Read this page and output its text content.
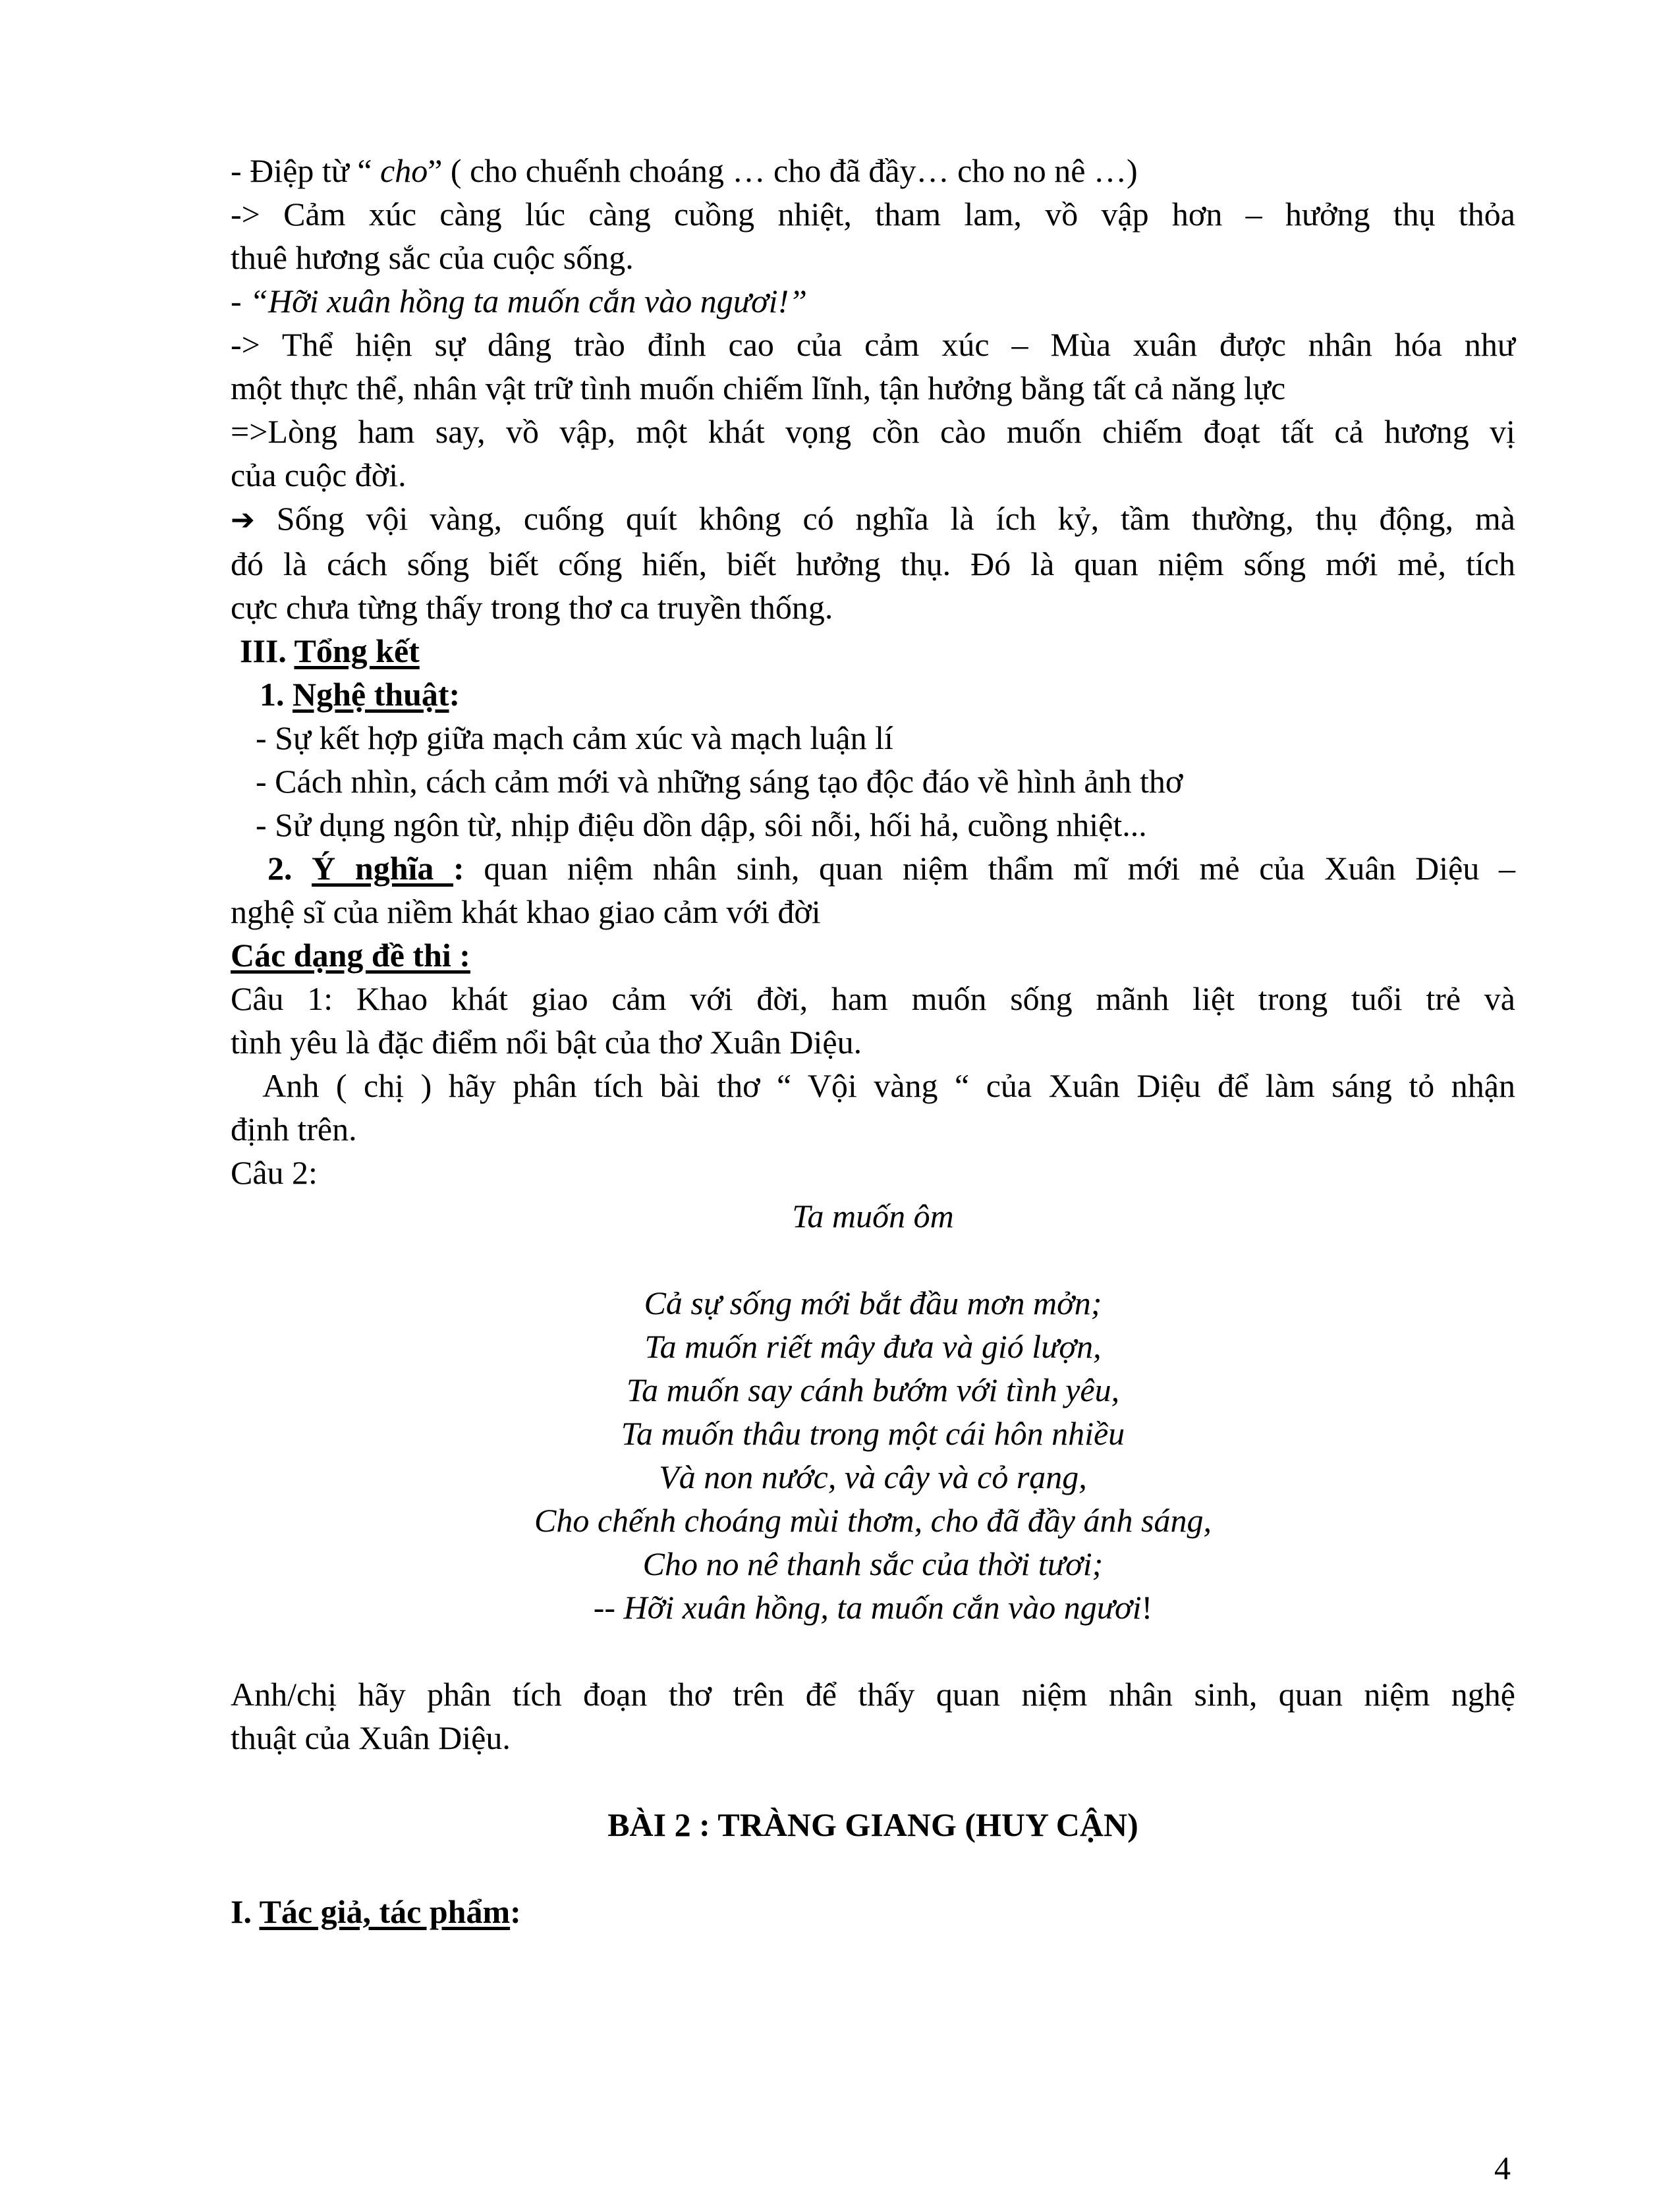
- Điệp từ “ cho” ( cho chuếnh choáng … cho đã đầy… cho no nê …)
-> Cảm xúc càng lúc càng cuồng nhiệt, tham lam, vồ vập hơn – hưởng thụ thỏa
thuê hương sắc của cuộc sống.
- “Hỡi xuân hồng ta muốn cắn vào ngươi!”
-> Thể hiện sự dâng trào đỉnh cao của cảm xúc – Mùa xuân được nhân hóa như
một thực thể, nhân vật trữ tình muốn chiếm lĩnh, tận hưởng bằng tất cả năng lực
=>Lòng ham say, vồ vập, một khát vọng cồn cào muốn chiếm đoạt tất cả hương vị
của cuộc đời.
➔ Sống vội vàng, cuống quít không có nghĩa là ích kỷ, tầm thường, thụ động, mà
đó là cách sống biết cống hiến, biết hưởng thụ. Đó là quan niệm sống mới mẻ, tích
cực chưa từng thấy trong thơ ca truyền thống.
III. Tổng kết
1. Nghệ thuật:
- Sự kết hợp giữa mạch cảm xúc và mạch luận lí
- Cách nhìn, cách cảm mới và những sáng tạo độc đáo về hình ảnh thơ
- Sử dụng ngôn từ, nhịp điệu dồn dập, sôi nỗi, hối hả, cuồng nhiệt...
2. Ý nghĩa : quan niệm nhân sinh, quan niệm thẩm mĩ mới mẻ của Xuân Diệu –
nghệ sĩ của niềm khát khao giao cảm với đời
Các dạng đề thi :
Câu 1: Khao khát giao cảm với đời, ham muốn sống mãnh liệt trong tuổi trẻ và
tình yêu là đặc điểm nổi bật của thơ Xuân Diệu.
Anh ( chị ) hãy phân tích bài thơ “ Vội vàng “ của Xuân Diệu để làm sáng tỏ nhận
định trên.
Câu 2:
Ta muốn ôm
Cả sự sống mới bắt đầu mơn mởn;
Ta muốn riết mây đưa và gió lượn,
Ta muốn say cánh bướm với tình yêu,
Ta muốn thâu trong một cái hôn nhiều
Và non nước, và cây và cỏ rạng,
Cho chếnh choáng mùi thơm, cho đã đầy ánh sáng,
Cho no nê thanh sắc của thời tươi;
-- Hỡi xuân hồng, ta muốn cắn vào ngươi!
Anh/chị hãy phân tích đoạn thơ trên để thấy quan niệm nhân sinh, quan niệm nghệ
thuật của Xuân Diệu.
BÀI 2 : TRÀNG GIANG (HUY CẬN)
I. Tác giả, tác phẩm:
4
